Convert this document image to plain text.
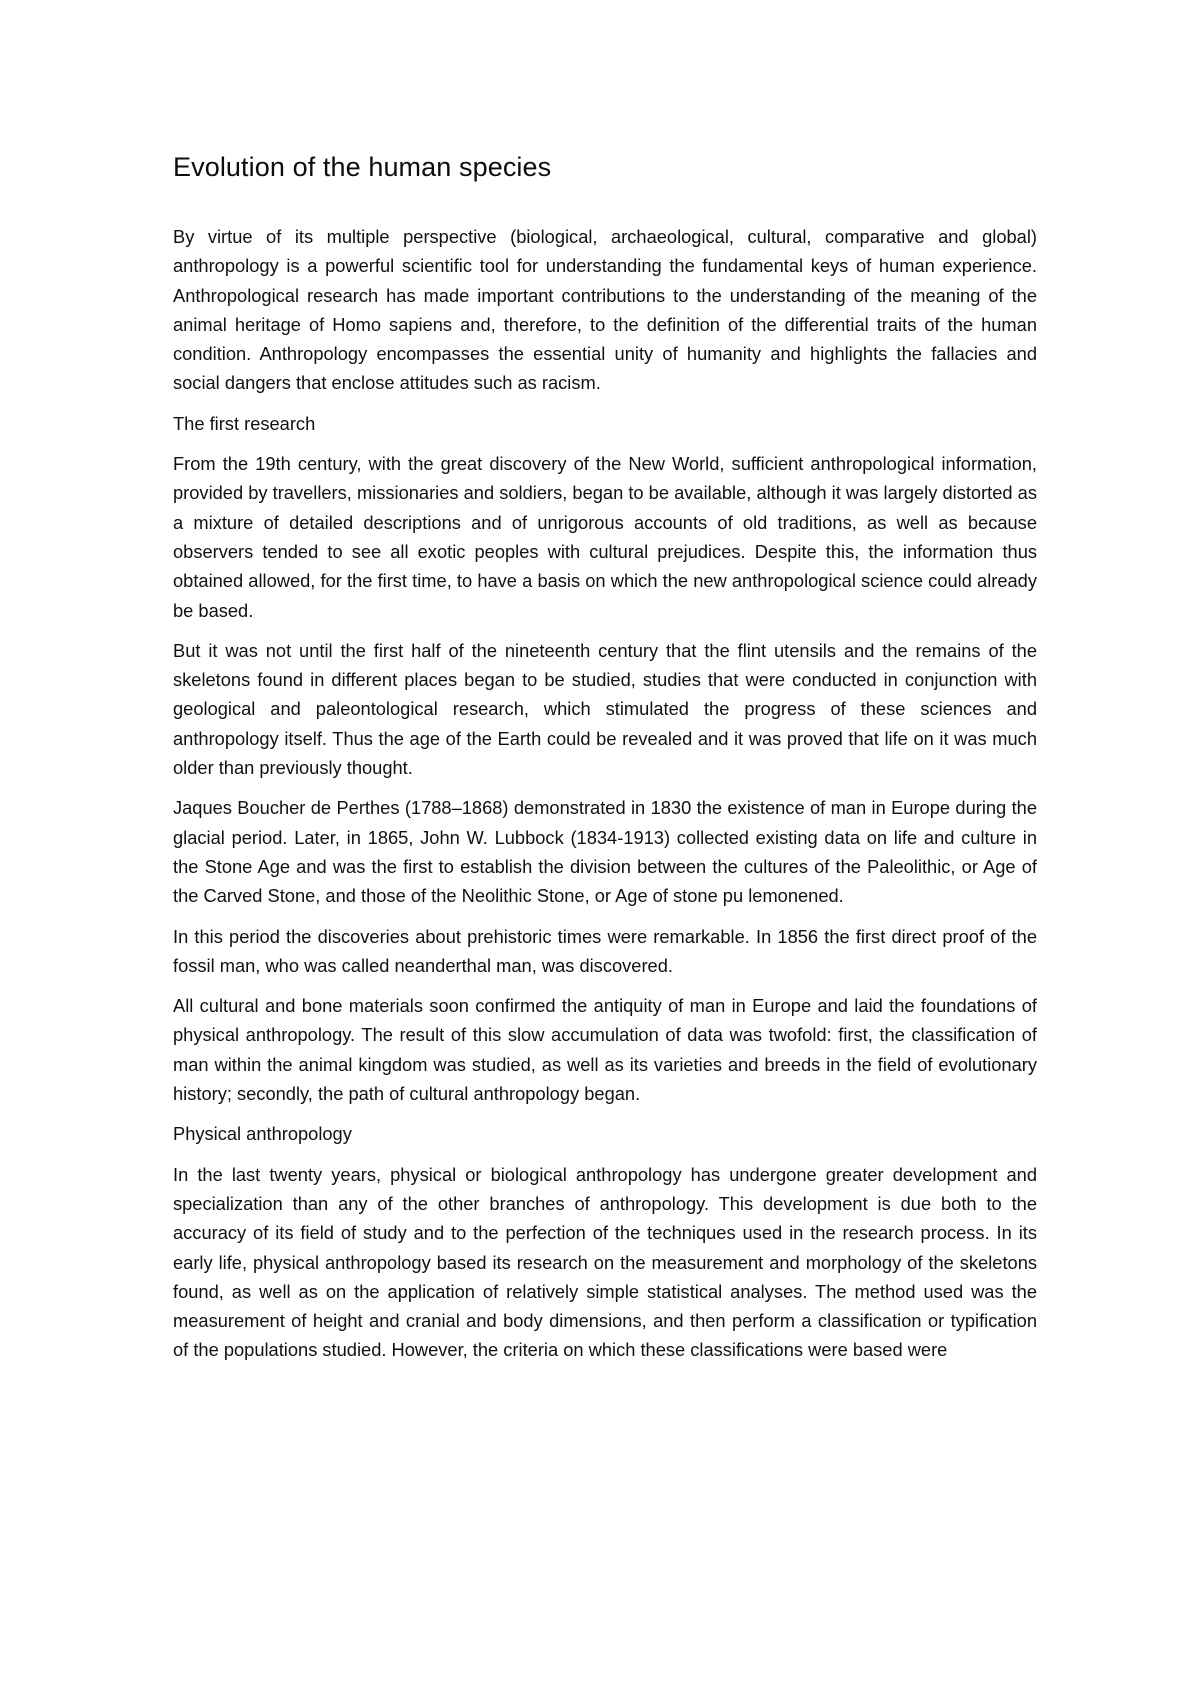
Evolution of the human species

By virtue of its multiple perspective (biological, archaeological, cultural, comparative and global) anthropology is a powerful scientific tool for understanding the fundamental keys of human experience. Anthropological research has made important contributions to the understanding of the meaning of the animal heritage of Homo sapiens and, therefore, to the definition of the differential traits of the human condition. Anthropology encompasses the essential unity of humanity and highlights the fallacies and social dangers that enclose attitudes such as racism.

The first research

From the 19th century, with the great discovery of the New World, sufficient anthropological information, provided by travellers, missionaries and soldiers, began to be available, although it was largely distorted as a mixture of detailed descriptions and of unrigorous accounts of old traditions, as well as because observers tended to see all exotic peoples with cultural prejudices. Despite this, the information thus obtained allowed, for the first time, to have a basis on which the new anthropological science could already be based.

But it was not until the first half of the nineteenth century that the flint utensils and the remains of the skeletons found in different places began to be studied, studies that were conducted in conjunction with geological and paleontological research, which stimulated the progress of these sciences and anthropology itself. Thus the age of the Earth could be revealed and it was proved that life on it was much older than previously thought.

Jaques Boucher de Perthes (1788–1868) demonstrated in 1830 the existence of man in Europe during the glacial period. Later, in 1865, John W. Lubbock (1834-1913) collected existing data on life and culture in the Stone Age and was the first to establish the division between the cultures of the Paleolithic, or Age of the Carved Stone, and those of the Neolithic Stone, or Age of stone pu lemonened.

In this period the discoveries about prehistoric times were remarkable. In 1856 the first direct proof of the fossil man, who was called neanderthal man, was discovered.

All cultural and bone materials soon confirmed the antiquity of man in Europe and laid the foundations of physical anthropology. The result of this slow accumulation of data was twofold: first, the classification of man within the animal kingdom was studied, as well as its varieties and breeds in the field of evolutionary history; secondly, the path of cultural anthropology began.

Physical anthropology

In the last twenty years, physical or biological anthropology has undergone greater development and specialization than any of the other branches of anthropology. This development is due both to the accuracy of its field of study and to the perfection of the techniques used in the research process. In its early life, physical anthropology based its research on the measurement and morphology of the skeletons found, as well as on the application of relatively simple statistical analyses. The method used was the measurement of height and cranial and body dimensions, and then perform a classification or typification of the populations studied. However, the criteria on which these classifications were based were
